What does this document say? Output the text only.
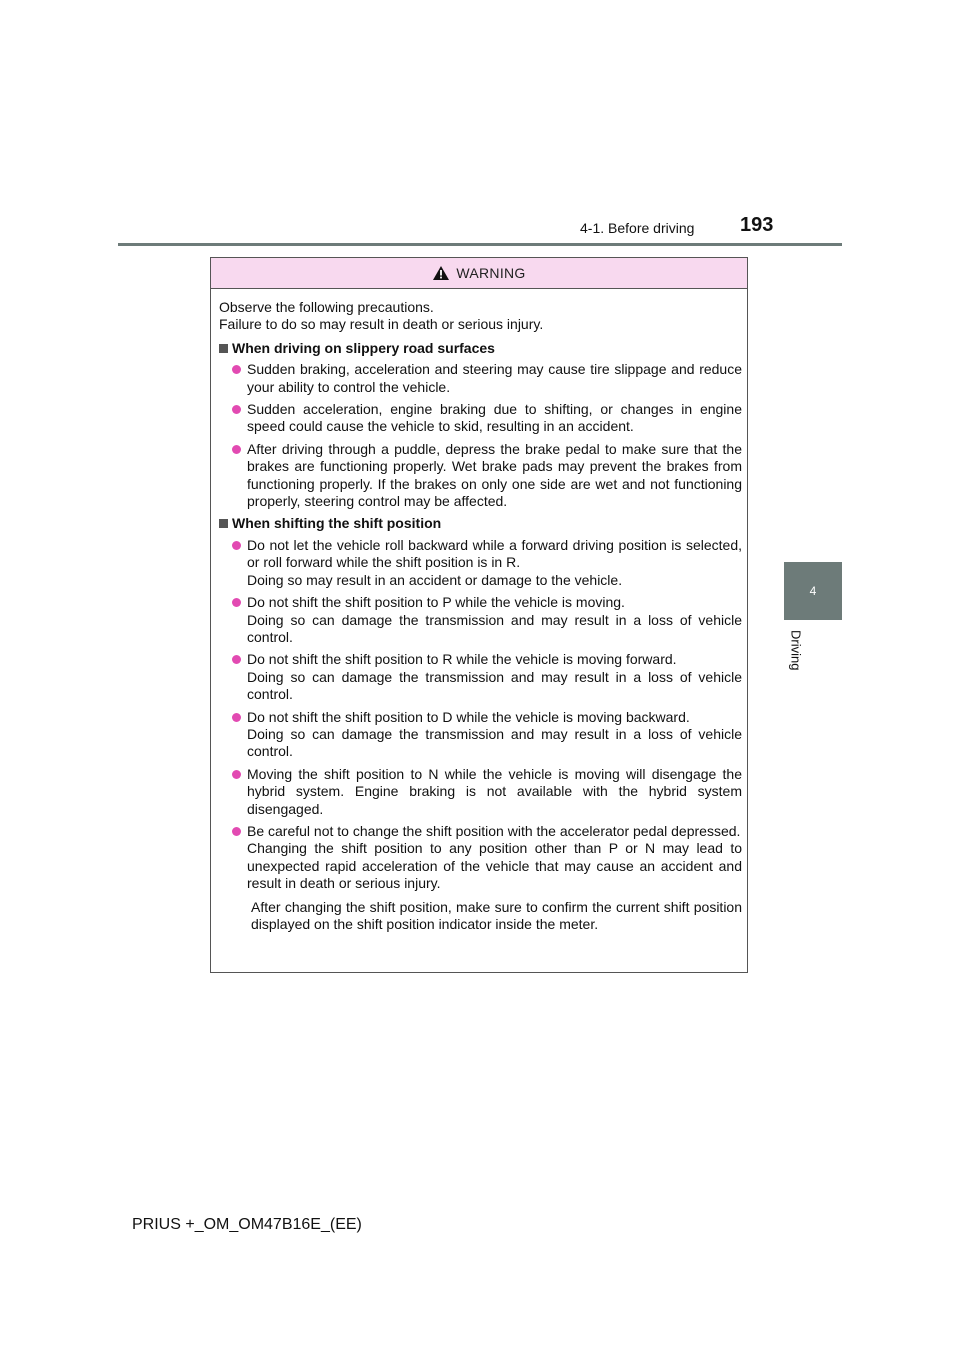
4-1. Before driving 193
4
Driving
WARNING
Observe the following precautions.
Failure to do so may result in death or serious injury.
When driving on slippery road surfaces

Sudden braking, acceleration and steering may cause tire slippage and reduce your ability to control the vehicle.

Sudden acceleration, engine braking due to shifting, or changes in engine speed could cause the vehicle to skid, resulting in an accident.

After driving through a puddle, depress the brake pedal to make sure that the brakes are functioning properly. Wet brake pads may prevent the brakes from functioning properly. If the brakes on only one side are wet and not functioning properly, steering control may be affected.

When shifting the shift position

Do not let the vehicle roll backward while a forward driving position is selected, or roll forward while the shift position is in R.

Doing so may result in an accident or damage to the vehicle.

Do not shift the shift position to P while the vehicle is moving.

Doing so can damage the transmission and may result in a loss of vehicle control.

Do not shift the shift position to R while the vehicle is moving forward.

Doing so can damage the transmission and may result in a loss of vehicle control.

Do not shift the shift position to D while the vehicle is moving backward.

Doing so can damage the transmission and may result in a loss of vehicle control.

Moving the shift position to N while the vehicle is moving will disengage the hybrid system. Engine braking is not available with the hybrid system disengaged.

Be careful not to change the shift position with the accelerator pedal depressed.

Changing the shift position to any position other than P or N may lead to unexpected rapid acceleration of the vehicle that may cause an accident and result in death or serious injury.

After changing the shift position, make sure to confirm the current shift position displayed on the shift position indicator inside the meter.

PRIUS +_OM_OM47B16E_(EE)
